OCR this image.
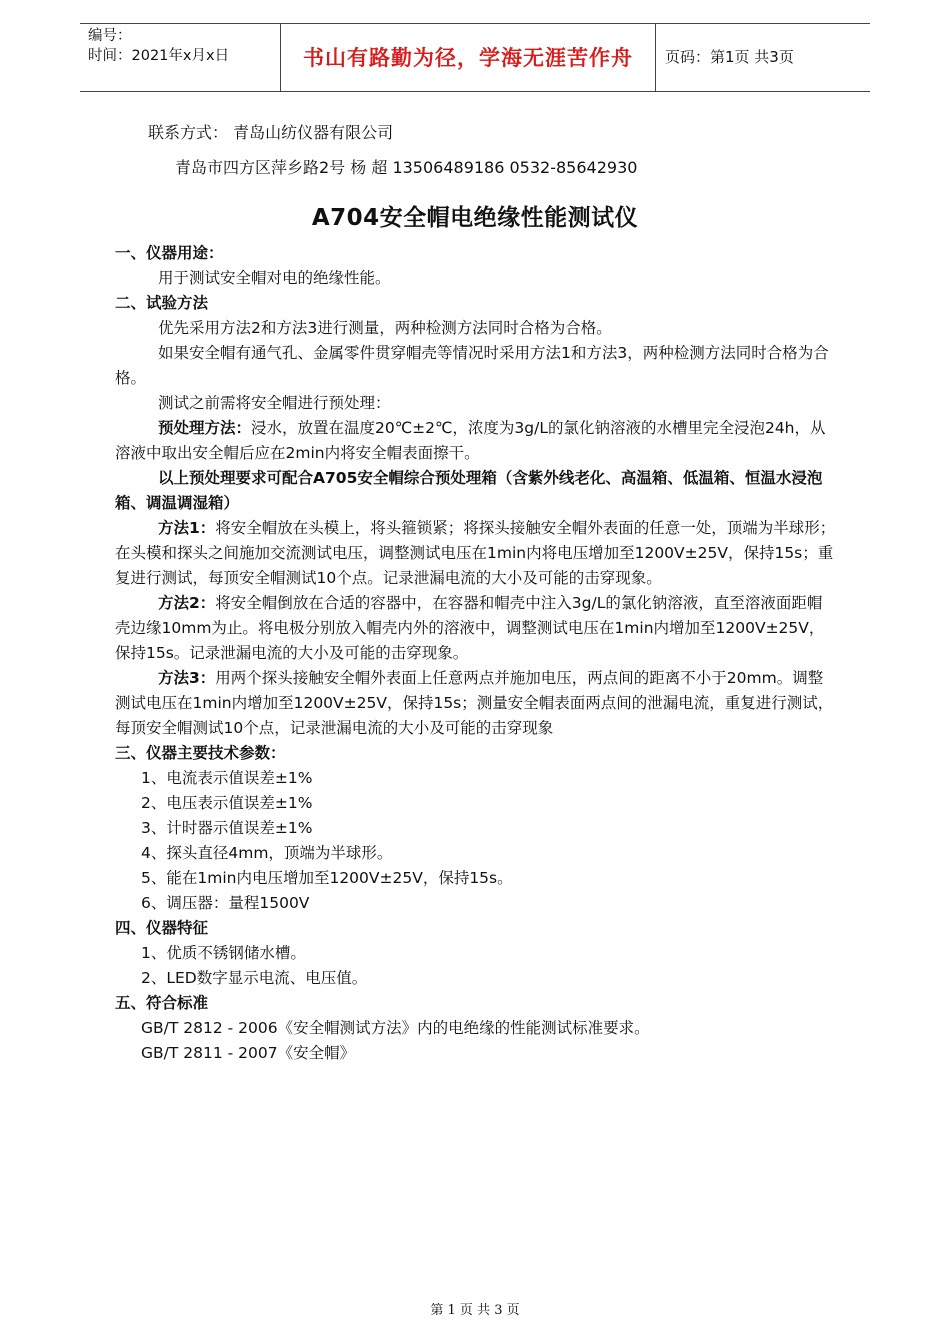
编号：
时间：2021年x月x日	书山有路勤为径，学海无涯苦作舟	页码：第1页 共3页
联系方式： 青岛山纺仪器有限公司
青岛市四方区萍乡路2号 杨 超 13506489186 0532-85642930
A704安全帽电绝缘性能测试仪

一、仪器用途：

用于测试安全帽对电的绝缘性能。

二、试验方法

优先采用方法2和方法3进行测量，两种检测方法同时合格为合格。

如果安全帽有通气孔、金属零件贯穿帽壳等情况时采用方法1和方法3，两种检测方法同时合格为合格。

测试之前需将安全帽进行预处理：

预处理方法：浸水，放置在温度20℃±2℃，浓度为3g/L的氯化钠溶液的水槽里完全浸泡24h，从溶液中取出安全帽后应在2min内将安全帽表面擦干。

以上预处理要求可配合A705安全帽综合预处理箱（含紫外线老化、高温箱、低温箱、恒温水浸泡箱、调温调湿箱）

方法1：将安全帽放在头模上，将头箍锁紧；将探头接触安全帽外表面的任意一处，顶端为半球形；在头模和探头之间施加交流测试电压，调整测试电压在1min内将电压增加至1200V±25V，保持15s；重复进行测试，每顶安全帽测试10个点。记录泄漏电流的大小及可能的击穿现象。

方法2：将安全帽倒放在合适的容器中，在容器和帽壳中注入3g/L的氯化钠溶液，直至溶液面距帽壳边缘10mm为止。将电极分别放入帽壳内外的溶液中，调整测试电压在1min内增加至1200V±25V，保持15s。记录泄漏电流的大小及可能的击穿现象。

方法3：用两个探头接触安全帽外表面上任意两点并施加电压，两点间的距离不小于20mm。调整测试电压在1min内增加至1200V±25V，保持15s；测量安全帽表面两点间的泄漏电流，重复进行测试，每顶安全帽测试10个点，记录泄漏电流的大小及可能的击穿现象

三、仪器主要技术参数：

1、电流表示值误差±1%

2、电压表示值误差±1%

3、计时器示值误差±1%

4、探头直径4mm，顶端为半球形。

5、能在1min内电压增加至1200V±25V，保持15s。

6、调压器：量程1500V

四、仪器特征

1、优质不锈钢储水槽。

2、LED数字显示电流、电压值。

五、符合标准

GB/T 2812 - 2006《安全帽测试方法》内的电绝缘的性能测试标准要求。

GB/T 2811 - 2007《安全帽》

第 1 页 共 3 页
